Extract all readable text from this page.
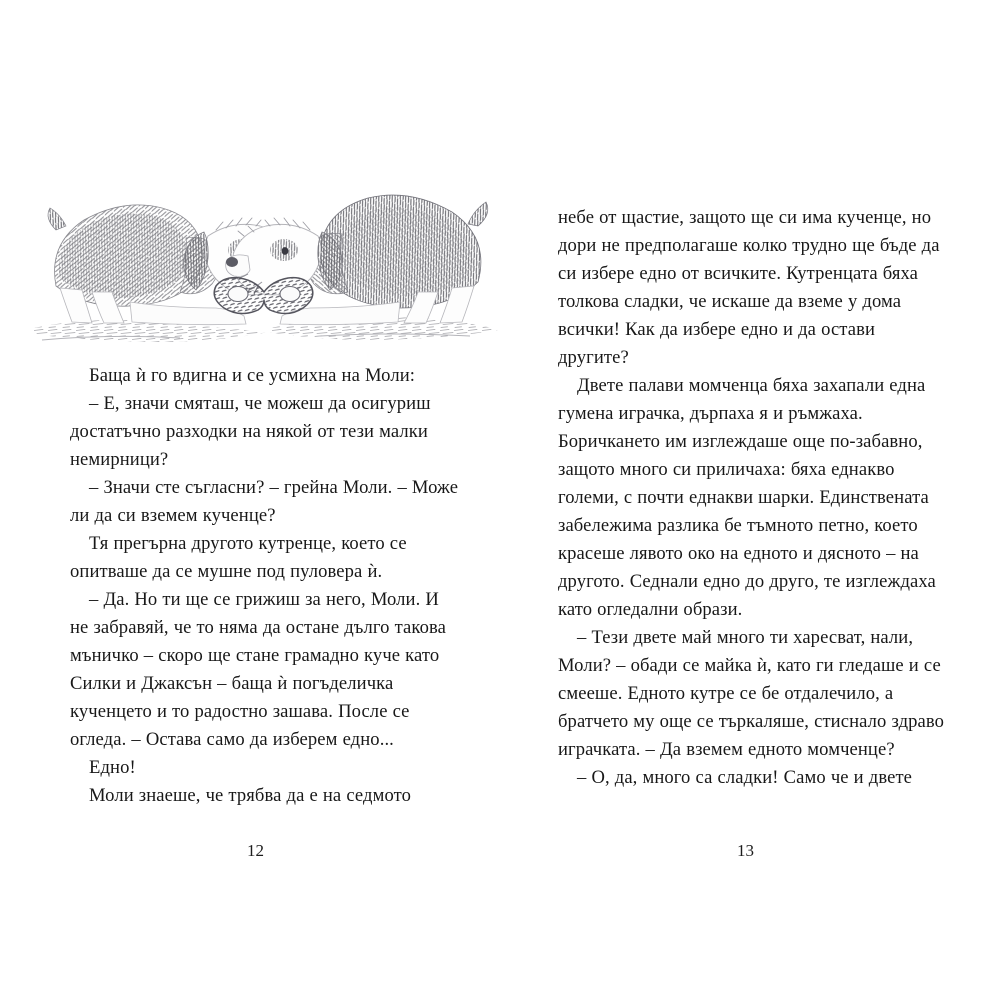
Баща ѝ го вдигна и се усмихна на Моли:

– Е, значи смяташ, че можеш да осигуриш достатъчно разходки на някой от тези малки немирници?

– Значи сте съгласни? – грейна Моли. – Може ли да си вземем кученце?

Тя прегърна другото кутренце, което се опитваше да се мушне под пуловера ѝ.

– Да. Но ти ще се грижиш за него, Моли. И не забравяй, че то няма да остане дълго такова мъничко – скоро ще стане грамадно куче като Силки и Джаксън – баща ѝ погъделичка кученцето и то радостно зашава. После се огледа. – Остава само да изберем едно...

Едно!

Моли знаеше, че трябва да е на седмото

12

небе от щастие, защото ще си има кученце, но дори не предполагаше колко трудно ще бъде да си избере едно от всичките. Кутренцата бяха толкова сладки, че искаше да вземе у дома всички! Как да избере едно и да остави другите?

Двете палави момченца бяха захапали една гумена играчка, дърпаха я и ръмжаха. Боричкането им изглеждаше още по-забавно, защото много си приличаха: бяха еднакво големи, с почти еднакви шарки. Единствената забележима разлика бе тъмното петно, което красеше лявото око на едното и дясното – на другото. Седнали едно до друго, те изглеждаха като огледални образи.

– Тези двете май много ти харесват, нали, Моли? – обади се майка ѝ, като ги гледаше и се смееше. Едното кутре се бе отдалечило, а братчето му още се търкаляше, стиснало здраво играчката. – Да вземем едното момченце?

– О, да, много са сладки! Само че и двете

13
